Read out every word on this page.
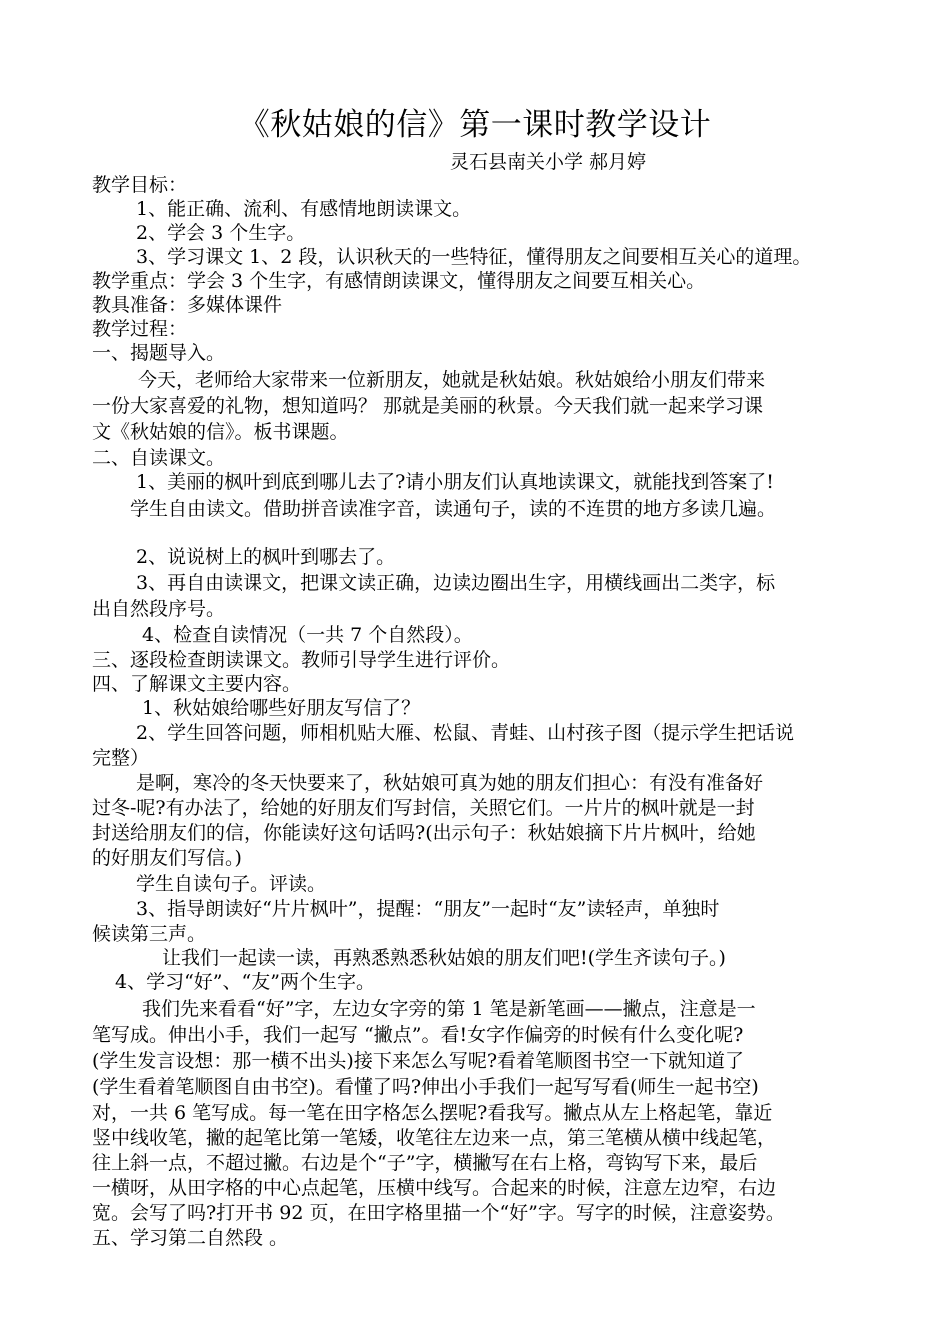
《秋姑娘的信》第一课时教学设计
灵石县南关小学 郝月婷
教学目标：
1、能正确、流利、有感情地朗读课文。
2、学会 3 个生字。
3、学习课文 1、2 段，认识秋天的一些特征，懂得朋友之间要相互关心的道理。
教学重点：学会 3 个生字，有感情朗读课文，懂得朋友之间要互相关心。
教具准备：多媒体课件
教学过程：
一、揭题导入。
今天，老师给大家带来一位新朋友，她就是秋姑娘。秋姑娘给小朋友们带来
一份大家喜爱的礼物，想知道吗？ 那就是美丽的秋景。今天我们就一起来学习课
文《秋姑娘的信》。板书课题。
二、自读课文。
1、美丽的枫叶到底到哪儿去了?请小朋友们认真地读课文，就能找到答案了!
学生自由读文。借助拼音读准字音，读通句子，读的不连贯的地方多读几遍。
2、说说树上的枫叶到哪去了。
3、再自由读课文，把课文读正确，边读边圈出生字，用横线画出二类字，标
出自然段序号。
4、检查自读情况（一共 7 个自然段）。
三、逐段检查朗读课文。教师引导学生进行评价。
四、了解课文主要内容。
1、秋姑娘给哪些好朋友写信了？
2、学生回答问题，师相机贴大雁、松鼠、青蛙、山村孩子图（提示学生把话说
完整）
是啊，寒冷的冬天快要来了，秋姑娘可真为她的朋友们担心：有没有准备好
过冬-呢?有办法了，给她的好朋友们写封信，关照它们。一片片的枫叶就是一封
封送给朋友们的信，你能读好这句话吗?(出示句子：秋姑娘摘下片片枫叶，给她
的好朋友们写信。)
学生自读句子。评读。
3、指导朗读好“片片枫叶”，提醒：“朋友”一起时“友”读轻声，单独时
候读第三声。
让我们一起读一读，再熟悉熟悉秋姑娘的朋友们吧!(学生齐读句子。)
4、学习“好”、“友”两个生字。
我们先来看看“好”字，左边女字旁的第 1 笔是新笔画——撇点，注意是一
笔写成。伸出小手，我们一起写 “撇点”。看!女字作偏旁的时候有什么变化呢?
(学生发言设想：那一横不出头)接下来怎么写呢?看着笔顺图书空一下就知道了
(学生看着笔顺图自由书空)。看懂了吗?伸出小手我们一起写写看(师生一起书空)
对，一共 6 笔写成。每一笔在田字格怎么摆呢?看我写。撇点从左上格起笔，靠近
竖中线收笔，撇的起笔比第一笔矮，收笔往左边来一点，第三笔横从横中线起笔，
往上斜一点，不超过撇。右边是个“子”字，横撇写在右上格，弯钩写下来，最后
一横呀，从田字格的中心点起笔，压横中线写。合起来的时候，注意左边窄，右边
宽。会写了吗?打开书 92 页，在田字格里描一个“好”字。写字的时候，注意姿势。
五、学习第二自然段 。
